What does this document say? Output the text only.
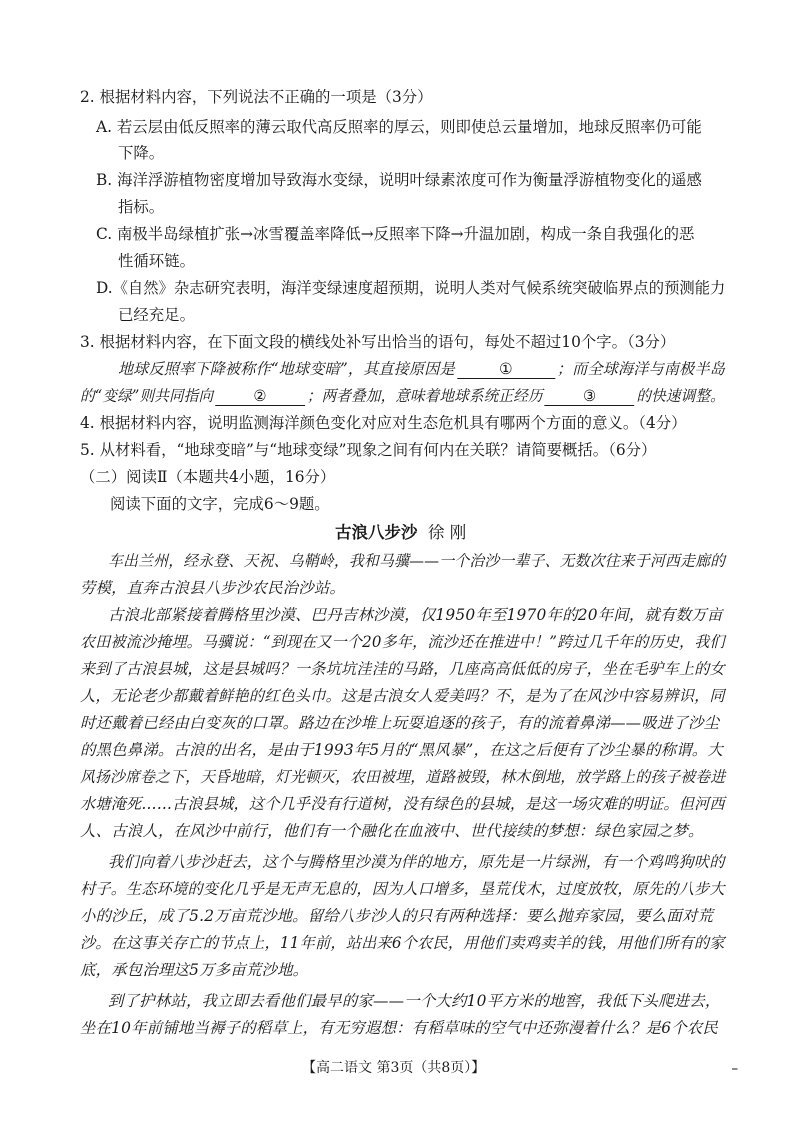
2. 根据材料内容，下列说法不正确的一项是（3分）
A. 若云层由低反照率的薄云取代高反照率的厚云，则即使总云量增加，地球反照率仍可能
下降。
B. 海洋浮游植物密度增加导致海水变绿，说明叶绿素浓度可作为衡量浮游植物变化的遥感
指标。
C. 南极半岛绿植扩张→冰雪覆盖率降低→反照率下降→升温加剧，构成一条自我强化的恶
性循环链。
D.《自然》杂志研究表明，海洋变绿速度超预期，说明人类对气候系统突破临界点的预测能力
已经充足。
3. 根据材料内容，在下面文段的横线处补写出恰当的语句，每处不超过10个字。（3分）
地球反照率下降被称作“地球变暗”，其直接原因是	①	；而全球海洋与南极半岛
的“变绿”则共同指向	②	；两者叠加，意味着地球系统正经历	③	的快速调整。
4. 根据材料内容，说明监测海洋颜色变化对应对生态危机具有哪两个方面的意义。（4分）
5. 从材料看，“地球变暗”与“地球变绿”现象之间有何内在关联？请简要概括。（6分）
（二）阅读Ⅱ（本题共4小题，16分）
阅读下面的文字，完成6～9题。
古浪八步沙 徐 刚
车出兰州，经永登、天祝、乌鞘岭，我和马骥——一个治沙一辈子、无数次往来于河西走廊的
劳模，直奔古浪县八步沙农民治沙站。
古浪北部紧接着腾格里沙漠、巴丹吉林沙漠，仅1950年至1970年的20年间，就有数万亩
农田被流沙掩埋。马骥说：“到现在又一个20多年，流沙还在推进中！”跨过几千年的历史，我们
来到了古浪县城，这是县城吗？一条坑坑洼洼的马路，几座高高低低的房子，坐在毛驴车上的女
人，无论老少都戴着鲜艳的红色头巾。这是古浪女人爱美吗？不，是为了在风沙中容易辨识，同
时还戴着已经由白变灰的口罩。路边在沙堆上玩耍追逐的孩子，有的流着鼻涕——吸进了沙尘
的黑色鼻涕。古浪的出名，是由于1993年5月的“黑风暴”，在这之后便有了沙尘暴的称谓。大
风扬沙席卷之下，天昏地暗，灯光顿灭，农田被埋，道路被毁，林木倒地，放学路上的孩子被卷进
水塘淹死……古浪县城，这个几乎没有行道树，没有绿色的县城，是这一场灾难的明证。但河西
人、古浪人，在风沙中前行，他们有一个融化在血液中、世代接续的梦想：绿色家园之梦。
我们向着八步沙赶去，这个与腾格里沙漠为伴的地方，原先是一片绿洲，有一个鸡鸣狗吠的
村子。生态环境的变化几乎是无声无息的，因为人口增多，垦荒伐木，过度放牧，原先的八步大
小的沙丘，成了5.2万亩荒沙地。留给八步沙人的只有两种选择：要么抛弃家园，要么面对荒
沙。在这事关存亡的节点上，11年前，站出来6个农民，用他们卖鸡卖羊的钱，用他们所有的家
底，承包治理这5万多亩荒沙地。
到了护林站，我立即去看他们最早的家——一个大约10平方米的地窖，我低下头爬进去，
坐在10年前铺地当褥子的稻草上，有无穷遐想：有稻草味的空气中还弥漫着什么？是6个农民
【高二语文 第3页（共8页）】	⎯
